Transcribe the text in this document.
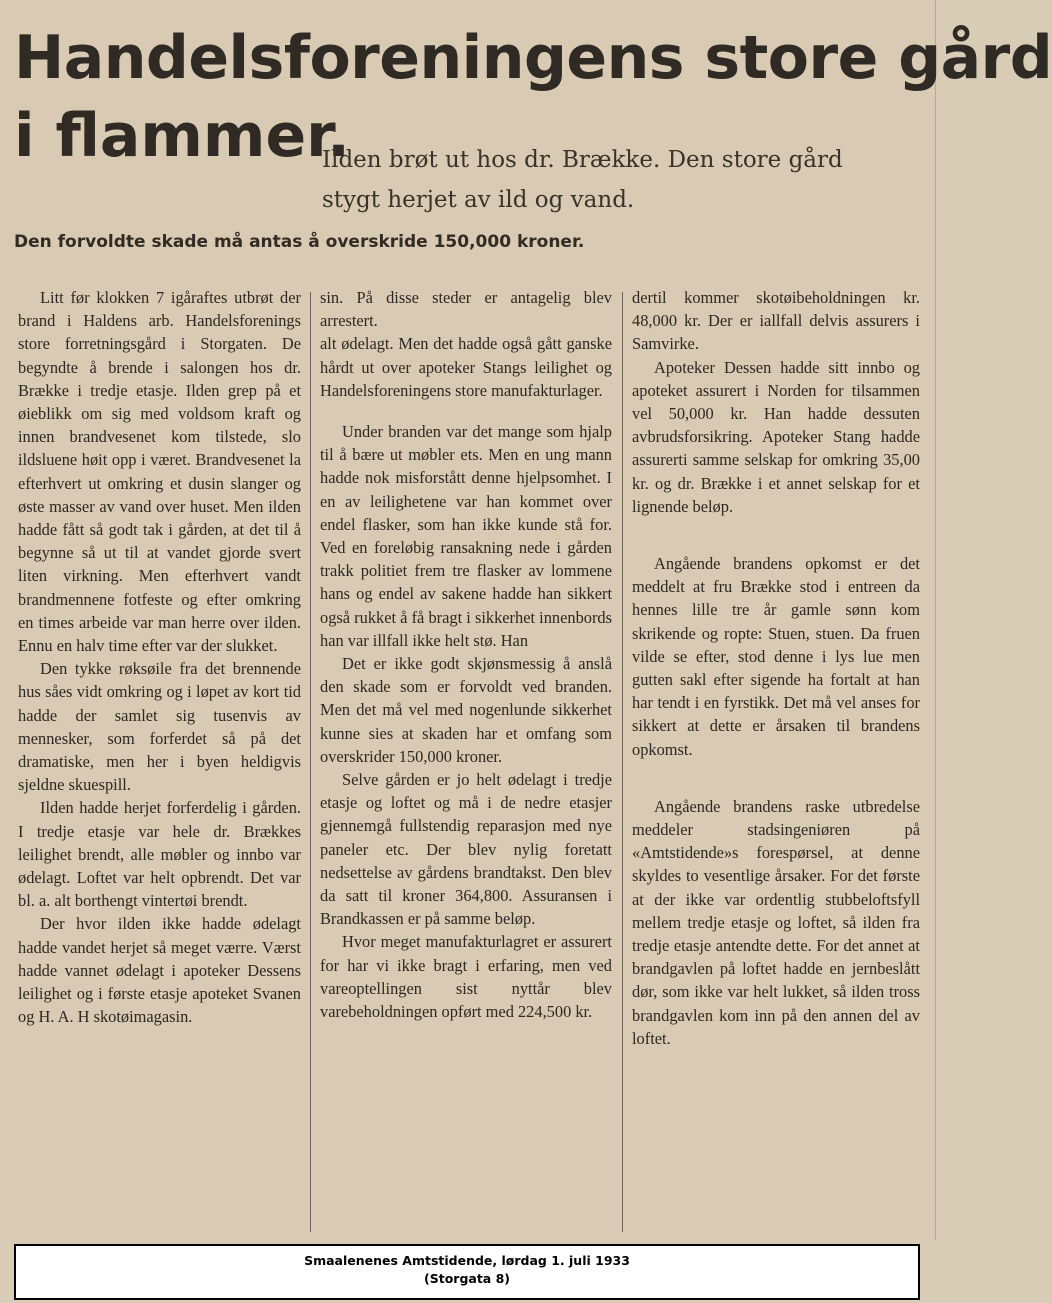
Handelsforeningens store gård
i flammer.
Ilden brøt ut hos dr. Brække. Den store gård
stygt herjet av ild og vand.
Den forvoldte skade må antas å overskride 150,000 kroner.

Litt før klokken 7 igåraftes utbrøt der brand i Haldens arb. Handelsforenings store forretningsgård i Storgaten. De begyndte å brende i salongen hos dr. Brække i tredje etasje. Ilden grep på et øieblikk om sig med voldsom kraft og innen brandvesenet kom tilstede, slo ildsluene høit opp i været. Brandvesenet la efterhvert ut omkring et dusin slanger og øste masser av vand over huset. Men ilden hadde fått så godt tak i gården, at det til å begynne så ut til at vandet gjorde svert liten virkning. Men efterhvert vandt brandmennene fotfeste og efter omkring en times arbeide var man herre over ilden. Ennu en halv time efter var der slukket.

Den tykke røksøile fra det brennende hus såes vidt omkring og i løpet av kort tid hadde der samlet sig tusenvis av mennesker, som forferdet så på det dramatiske, men her i byen heldigvis sjeldne skuespill.

Ilden hadde herjet forferdelig i gården. I tredje etasje var hele dr. Brækkes leilighet brendt, alle møbler og innbo var ødelagt. Loftet var helt opbrendt. Det var bl. a. alt borthengt vintertøi brendt.

Der hvor ilden ikke hadde ødelagt hadde vandet herjet så meget værre. Værst hadde vannet ødelagt i apoteker Dessens leilighet og i første etasje apoteket Svanen og H. A. H skotøimagasin.

sin. På disse steder er antagelig blev arrestert.

alt ødelagt. Men det hadde også gått ganske hårdt ut over apoteker Stangs leilighet og Handelsforeningens store manufakturlager.

Under branden var det mange som hjalp til å bære ut møbler ets. Men en ung mann hadde nok misforstått denne hjelpsomhet. I en av leilighetene var han kommet over endel flasker, som han ikke kunde stå for. Ved en foreløbig ransakning nede i gården trakk politiet frem tre flasker av lommene hans og endel av sakene hadde han sikkert også rukket å få bragt i sikkerhet innenbords han var illfall ikke helt stø. Han

Det er ikke godt skjønsmessig å anslå den skade som er forvoldt ved branden. Men det må vel med nogenlunde sikkerhet kunne sies at skaden har et omfang som overskrider 150,000 kroner.

Selve gården er jo helt ødelagt i tredje etasje og loftet og må i de nedre etasjer gjennemgå fullstendig reparasjon med nye paneler etc. Der blev nylig foretatt nedsettelse av gårdens brandtakst. Den blev da satt til kroner 364,800. Assuransen i Brandkassen er på samme beløp.

Hvor meget manufakturlagret er assurert for har vi ikke bragt i erfaring, men ved vareoptellingen sist nyttår blev varebeholdningen opført med 224,500 kr.

dertil kommer skotøibeholdningen kr. 48,000 kr. Der er iallfall delvis assurers i Samvirke.

Apoteker Dessen hadde sitt innbo og apoteket assurert i Norden for tilsammen vel 50,000 kr. Han hadde dessuten avbrudsforsikring. Apoteker Stang hadde assurerti samme selskap for omkring 35,00 kr. og dr. Brække i et annet selskap for et lignende beløp.

Angående brandens opkomst er det meddelt at fru Brække stod i entreen da hennes lille tre år gamle sønn kom skrikende og ropte: Stuen, stuen. Da fruen vilde se efter, stod denne i lys lue men gutten sakl efter sigende ha fortalt at han har tendt i en fyrstikk. Det må vel anses for sikkert at dette er årsaken til brandens opkomst.

Angående brandens raske utbredelse meddeler stadsingeniøren på «Amtstidende»s forespørsel, at denne skyldes to vesentlige årsaker. For det første at der ikke var ordentlig stubbeloftsfyll mellem tredje etasje og loftet, så ilden fra tredje etasje antendte dette. For det annet at brandgavlen på loftet hadde en jernbeslått dør, som ikke var helt lukket, så ilden tross brandgavlen kom inn på den annen del av loftet.

Smaalenenes Amtstidende, lørdag 1. juli 1933
(Storgata 8)
